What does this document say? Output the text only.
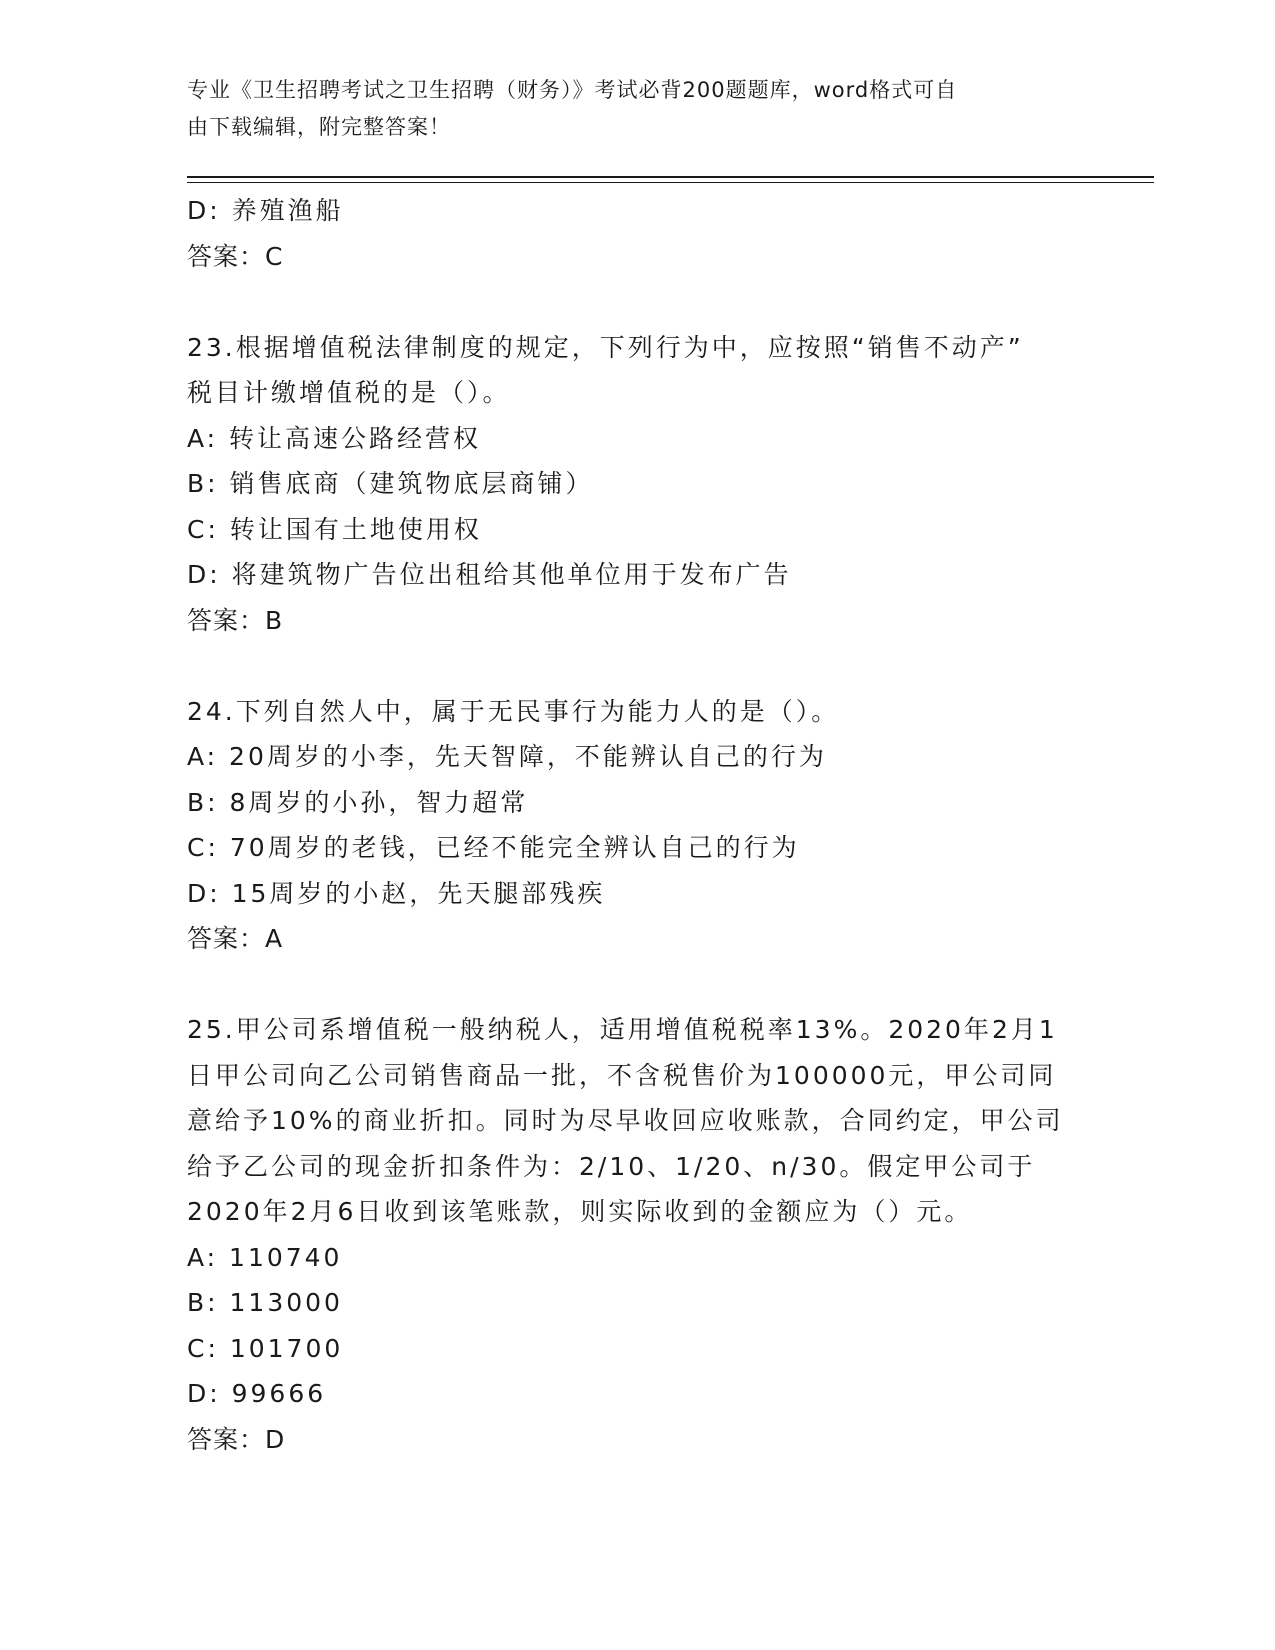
专业《卫生招聘考试之卫生招聘（财务）》考试必背200题题库，word格式可自
由下载编辑，附完整答案！
D: 养殖渔船
答案：C
23.根据增值税法律制度的规定，下列行为中，应按照“销售不动产”
税目计缴增值税的是（）。
A: 转让高速公路经营权
B: 销售底商（建筑物底层商铺）
C: 转让国有土地使用权
D: 将建筑物广告位出租给其他单位用于发布广告
答案：B
24.下列自然人中，属于无民事行为能力人的是（）。
A: 20周岁的小李，先天智障，不能辨认自己的行为
B: 8周岁的小孙，智力超常
C: 70周岁的老钱，已经不能完全辨认自己的行为
D: 15周岁的小赵，先天腿部残疾
答案：A
25.甲公司系增值税一般纳税人，适用增值税税率13%。2020年2月1
日甲公司向乙公司销售商品一批，不含税售价为100000元，甲公司同
意给予10%的商业折扣。同时为尽早收回应收账款，合同约定，甲公司
给予乙公司的现金折扣条件为：2/10、1/20、n/30。假定甲公司于
2020年2月6日收到该笔账款，则实际收到的金额应为（）元。
A: 110740
B: 113000
C: 101700
D: 99666
答案：D
